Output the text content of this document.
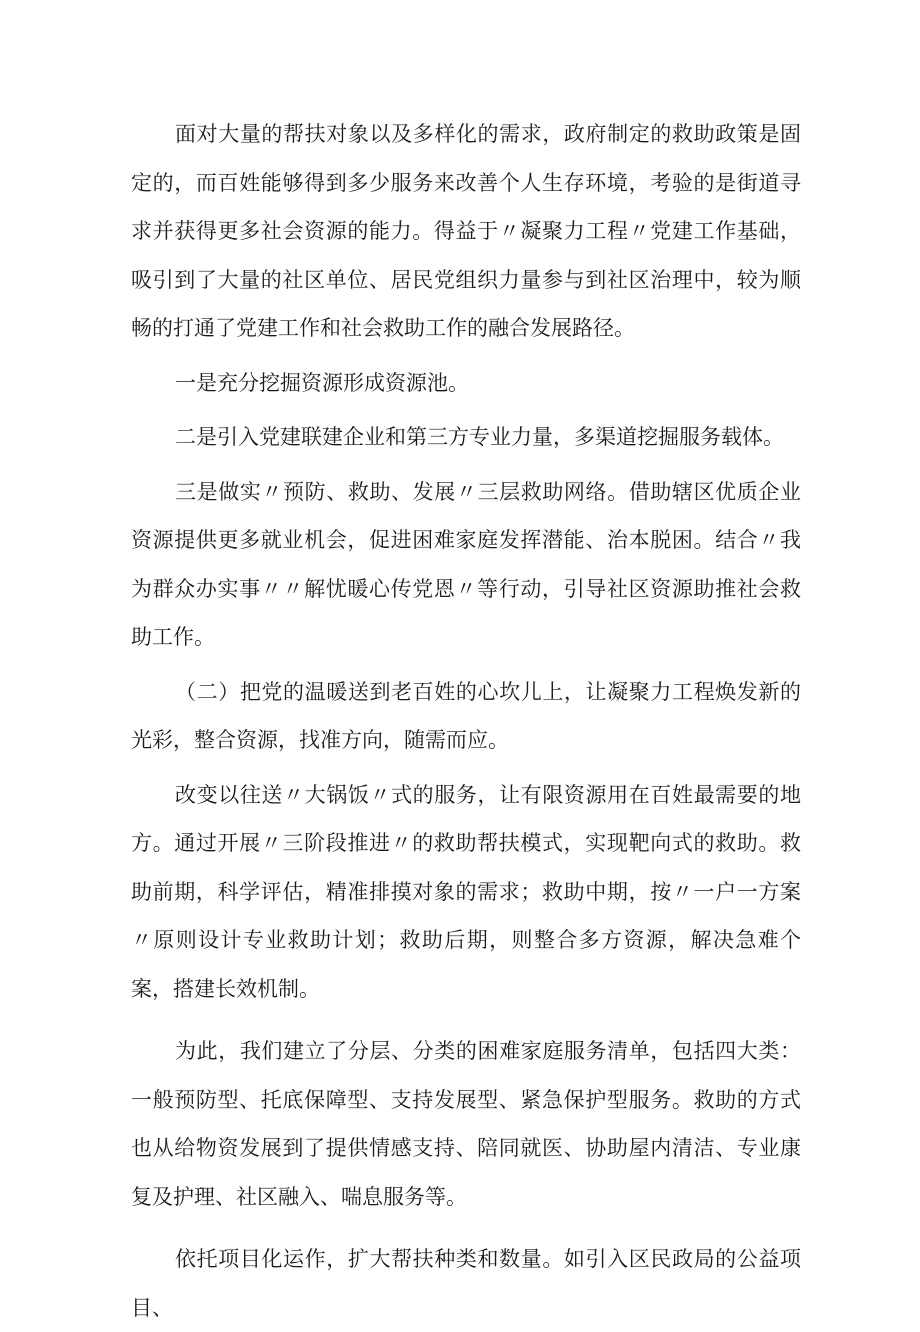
面对大量的帮扶对象以及多样化的需求，政府制定的救助政策是固定的，而百姓能够得到多少服务来改善个人生存环境，考验的是街道寻求并获得更多社会资源的能力。得益于〃凝聚力工程〃党建工作基础，吸引到了大量的社区单位、居民党组织力量参与到社区治理中，较为顺畅的打通了党建工作和社会救助工作的融合发展路径。

一是充分挖掘资源形成资源池。

二是引入党建联建企业和第三方专业力量，多渠道挖掘服务载体。

三是做实〃预防、救助、发展〃三层救助网络。借助辖区优质企业资源提供更多就业机会，促进困难家庭发挥潜能、治本脱困。结合〃我为群众办实事〃〃解忧暖心传党恩〃等行动，引导社区资源助推社会救助工作。

（二）把党的温暖送到老百姓的心坎儿上，让凝聚力工程焕发新的光彩，整合资源，找准方向，随需而应。

改变以往送〃大锅饭〃式的服务，让有限资源用在百姓最需要的地方。通过开展〃三阶段推进〃的救助帮扶模式，实现靶向式的救助。救助前期，科学评估，精准排摸对象的需求；救助中期，按〃一户一方案〃原则设计专业救助计划；救助后期，则整合多方资源，解决急难个案，搭建长效机制。

为此，我们建立了分层、分类的困难家庭服务清单，包括四大类：一般预防型、托底保障型、支持发展型、紧急保护型服务。救助的方式也从给物资发展到了提供情感支持、陪同就医、协助屋内清洁、专业康复及护理、社区融入、喘息服务等。

依托项目化运作，扩大帮扶种类和数量。如引入区民政局的公益项目、
